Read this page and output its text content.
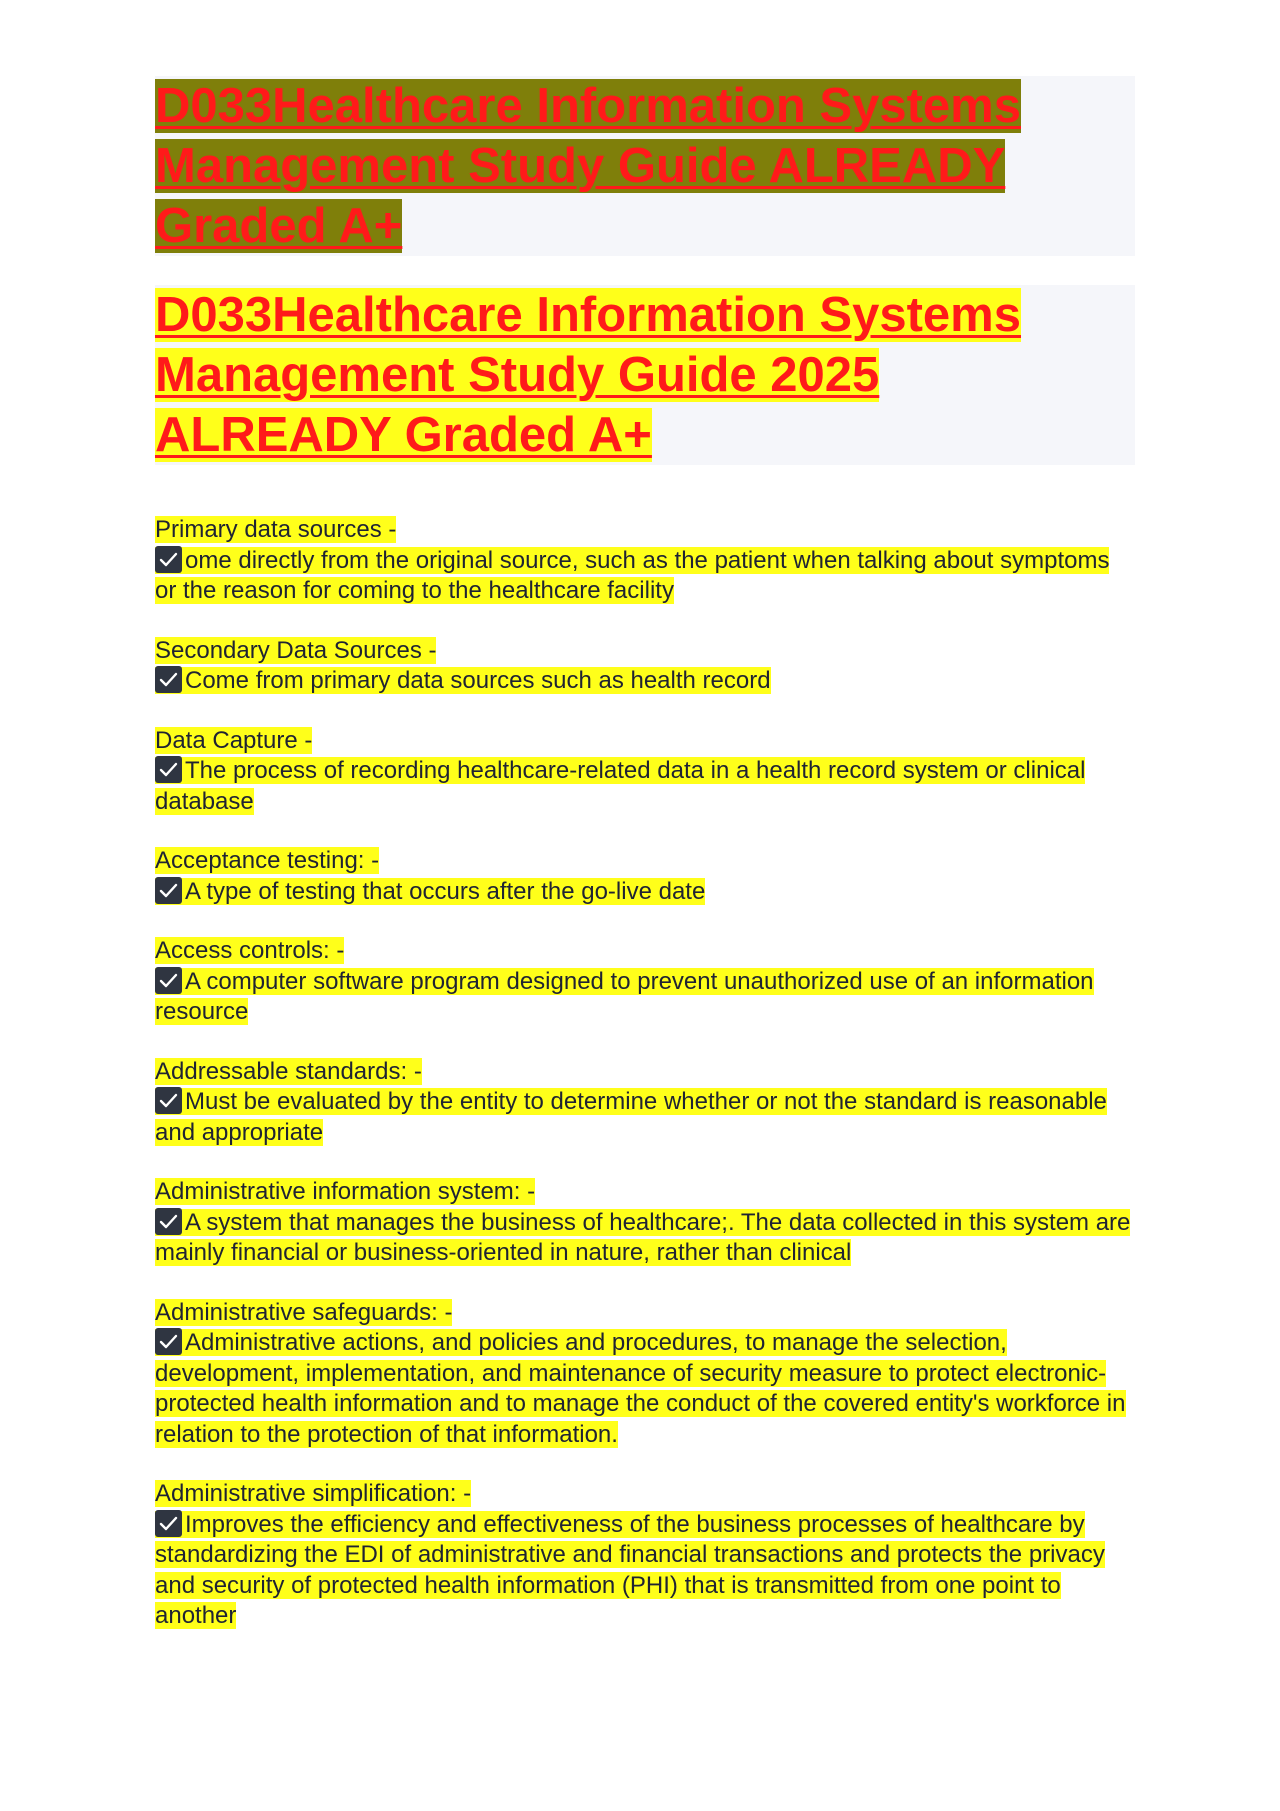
D033Healthcare Information Systems Management Study Guide ALREADY Graded A+
D033Healthcare Information Systems Management Study Guide 2025 ALREADY Graded A+
Primary data sources -
ome directly from the original source, such as the patient when talking about symptoms or the reason for coming to the healthcare facility
Secondary Data Sources -
Come from primary data sources such as health record
Data Capture -
The process of recording healthcare-related data in a health record system or clinical database
Acceptance testing: -
A type of testing that occurs after the go-live date
Access controls: -
A computer software program designed to prevent unauthorized use of an information resource
Addressable standards: -
Must be evaluated by the entity to determine whether or not the standard is reasonable and appropriate
Administrative information system: -
A system that manages the business of healthcare;. The data collected in this system are mainly financial or business-oriented in nature, rather than clinical
Administrative safeguards: -
Administrative actions, and policies and procedures, to manage the selection, development, implementation, and maintenance of security measure to protect electronic-protected health information and to manage the conduct of the covered entity's workforce in relation to the protection of that information.
Administrative simplification: -
Improves the efficiency and effectiveness of the business processes of healthcare by standardizing the EDI of administrative and financial transactions and protects the privacy and security of protected health information (PHI) that is transmitted from one point to another
